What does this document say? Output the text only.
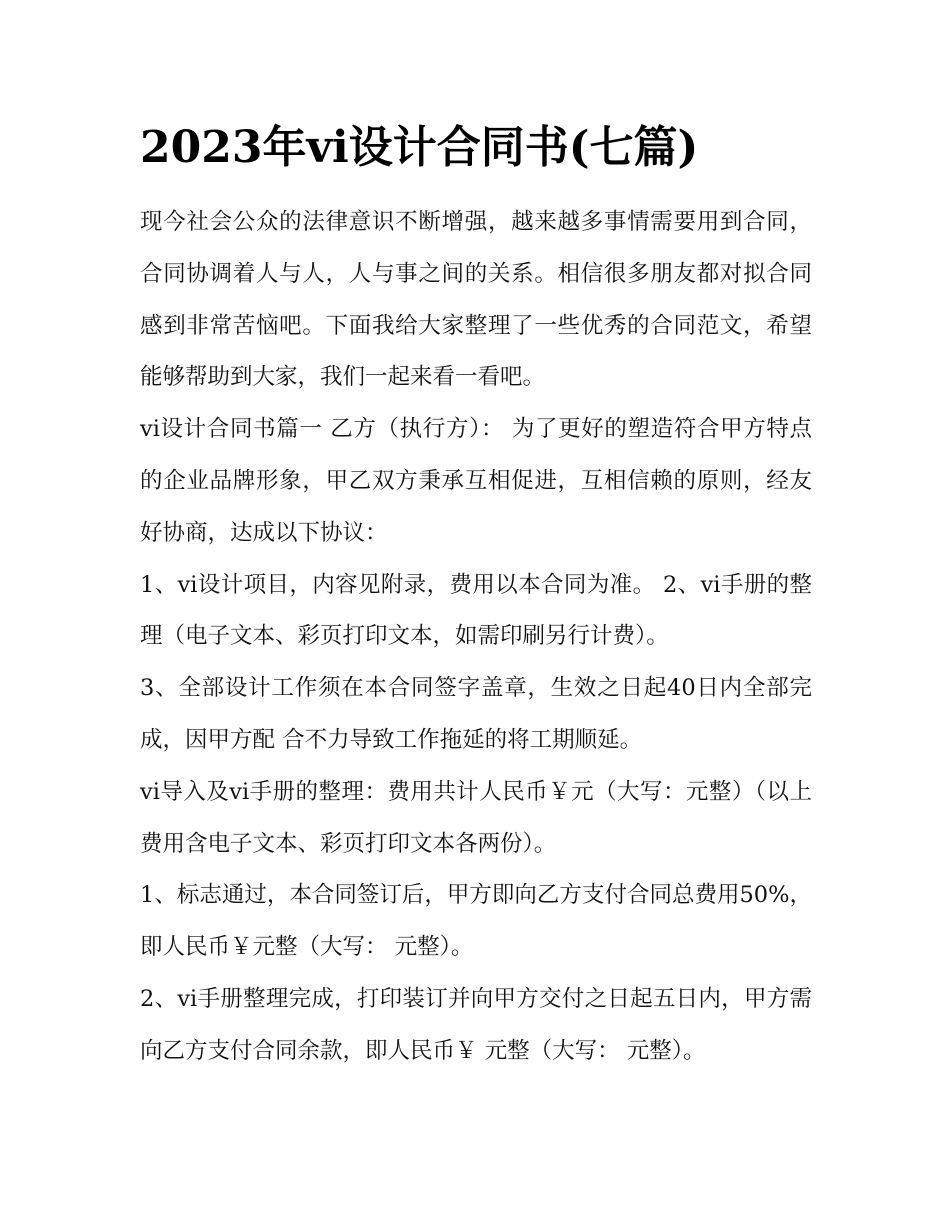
2023年vi设计合同书(七篇)

现今社会公众的法律意识不断增强，越来越多事情需要用到合同，合同协调着人与人，人与事之间的关系。相信很多朋友都对拟合同感到非常苦恼吧。下面我给大家整理了一些优秀的合同范文，希望能够帮助到大家，我们一起来看一看吧。

vi设计合同书篇一 乙方（执行方）： 为了更好的塑造符合甲方特点的企业品牌形象，甲乙双方秉承互相促进，互相信赖的原则，经友好协商，达成以下协议：

1、vi设计项目，内容见附录，费用以本合同为准。 2、vi手册的整理（电子文本、彩页打印文本，如需印刷另行计费）。

3、全部设计工作须在本合同签字盖章，生效之日起40日内全部完成，因甲方配 合不力导致工作拖延的将工期顺延。

vi导入及vi手册的整理：费用共计人民币￥元（大写：元整）（以上费用含电子文本、彩页打印文本各两份）。

1、标志通过，本合同签订后，甲方即向乙方支付合同总费用50%，即人民币￥元整（大写： 元整）。

2、vi手册整理完成，打印装订并向甲方交付之日起五日内，甲方需向乙方支付合同余款，即人民币￥ 元整（大写： 元整）。
